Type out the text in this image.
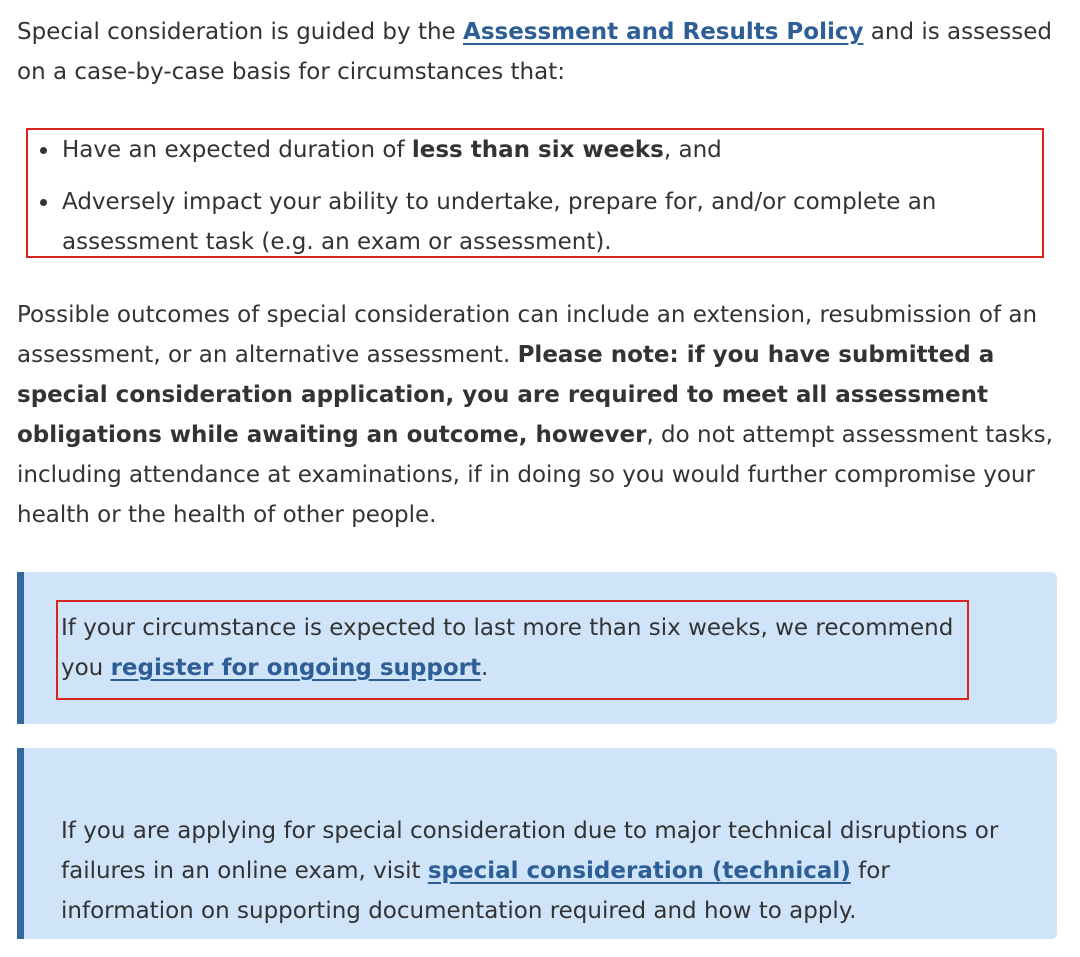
Special consideration is guided by the Assessment and Results Policy and is assessed on a case-by-case basis for circumstances that:

Have an expected duration of less than six weeks, and
Adversely impact your ability to undertake, prepare for, and/or complete an assessment task (e.g. an exam or assessment).

Possible outcomes of special consideration can include an extension, resubmission of an assessment, or an alternative assessment. Please note: if you have submitted a special consideration application, you are required to meet all assessment obligations while awaiting an outcome, however, do not attempt assessment tasks, including attendance at examinations, if in doing so you would further compromise your health or the health of other people.

If your circumstance is expected to last more than six weeks, we recommend you register for ongoing support.

If you are applying for special consideration due to major technical disruptions or failures in an online exam, visit special consideration (technical) for information on supporting documentation required and how to apply.
